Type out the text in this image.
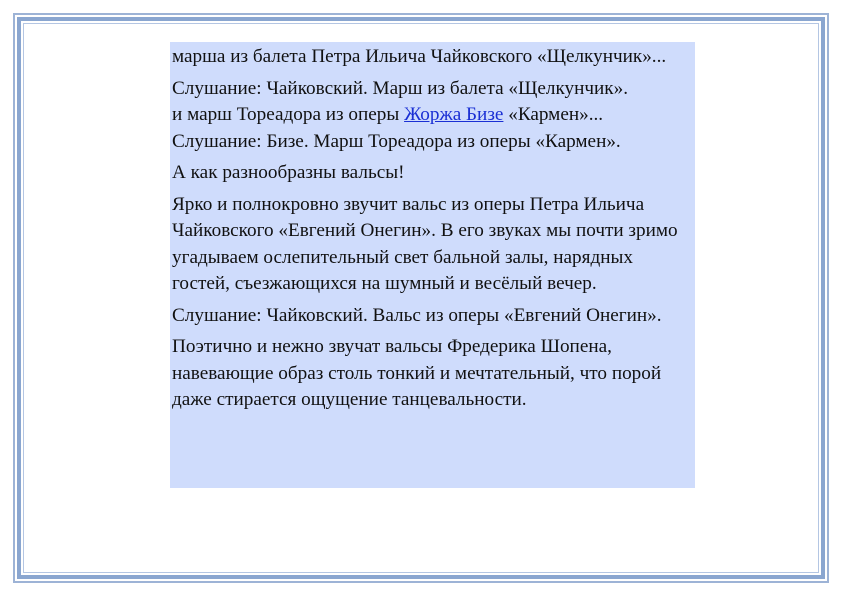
марша из балета Петра Ильича Чайковского «Щелкунчик»...

Слушание: Чайковский. Марш из балета «Щелкунчик».

и марш Тореадора из оперы Жоржа Бизе «Кармен»...

Слушание: Бизе. Марш Тореадора из оперы «Кармен».

А как разнообразны вальсы!

Ярко и полнокровно звучит вальс из оперы Петра Ильича Чайковского «Евгений Онегин». В его звуках мы почти зримо угадываем ослепительный свет бальной залы, нарядных гостей, съезжающихся на шумный и весёлый вечер.

Слушание: Чайковский. Вальс из оперы «Евгений Онегин».

Поэтично и нежно звучат вальсы Фредерика Шопена, навевающие образ столь тонкий и мечтательный, что порой даже стирается ощущение танцевальности.
